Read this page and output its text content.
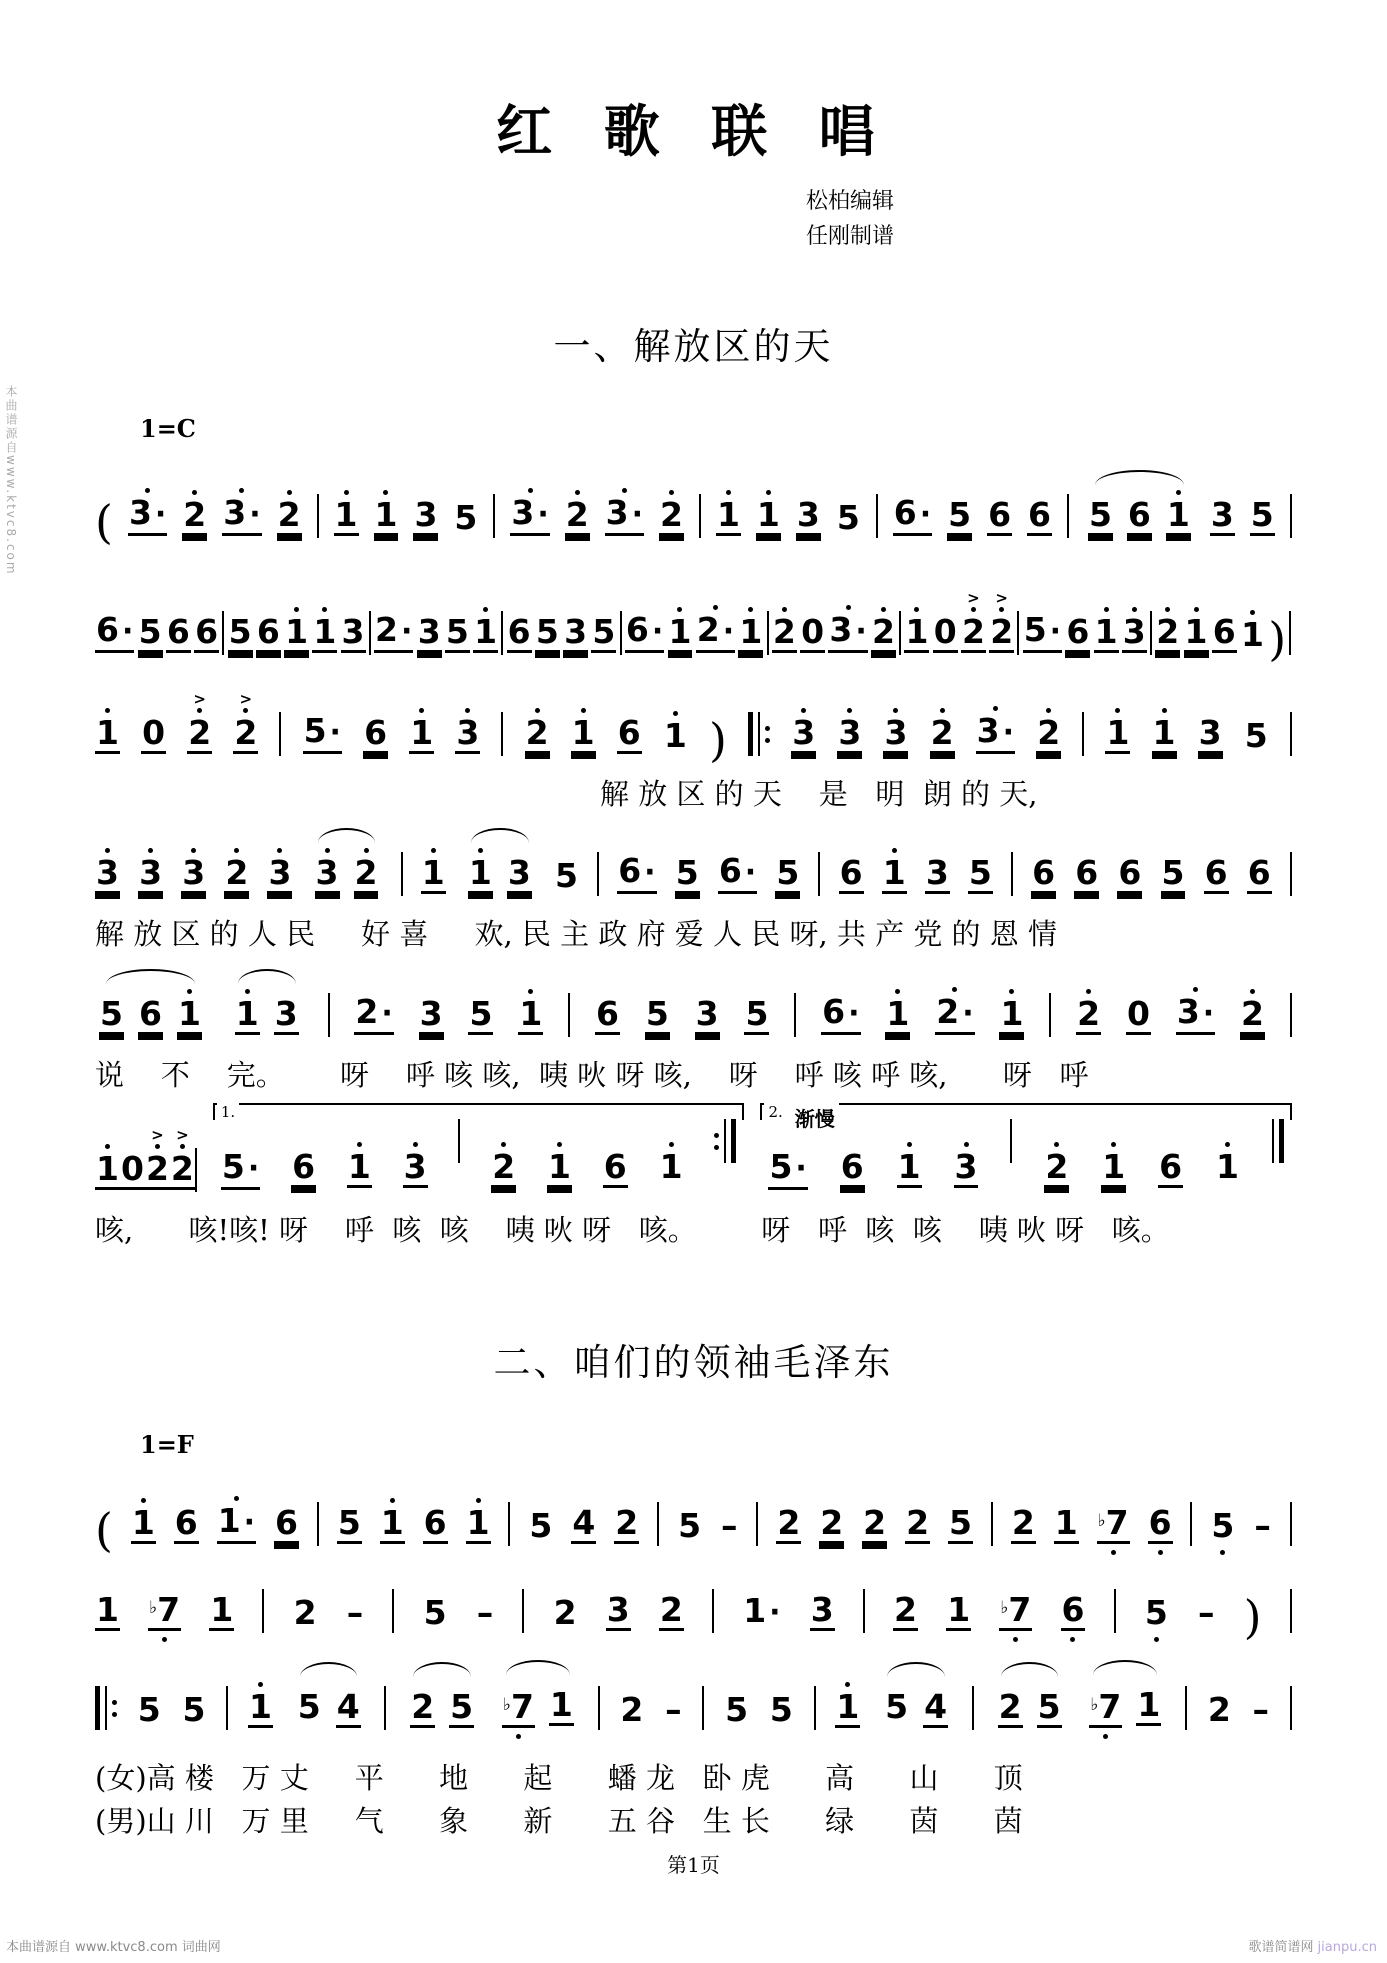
红 歌 联 唱
松柏编辑
任刚制谱
一、解放区的天
1=C
( 3 · 2 3 · 2 1 1 3 5 3 · 2 3 · 2 1 1 3 5 6 · 5 6 6 5 6 1 3 5
6 · 5 6 6 5 6 1 1 3 2 · 3 5 1 6 5 3 5 6 · 1 2 · 1 2 0 3 · 2 1 0
>
2
>
2 5 · 6 1 3 2 1 6 1 )
1 0
>
2
>
2 5 · 6 1 3 2 1 6 1 ) 3 3 3 2 3 · 2 1 1 3 5
解 放 区 的 天    是   明  朗 的 天,
3 3 3 2 3 3 2 1 1 3 5 6 · 5 6 · 5 6 1 3 5 6 6 6 5 6 6
解 放 区 的 人 民     好 喜     欢, 民 主 政 府 爱 人 民 呀, 共 产 党 的 恩 情
5 6 1 1 3 2 · 3 5 1 6 5 3 5 6 · 1 2 · 1 2 0 3 · 2
说    不    完。      呀    呼 咳 咳,  咦 吙 呀 咳,    呀    呼 咳 呼 咳,      呀   呼
1 0
>
2
>
2
1.
5 · 6 1 3 2 1 6 1
2. 渐慢
5 · 6 1 3 2 1 6 1
咳,      咳!咳! 呀    呼  咳  咳    咦 吙 呀   咳。       呀   呼  咳  咳    咦 吙 呀   咳。
二、咱们的领袖毛泽东
1=F
( 1 6 1 · 6 5 1 6 1 5 4 2 5 – 2 2 2 2 5 2 1 ♭7 6 5 –
1 ♭7 1 2 – 5 – 2 3 2 1 · 3 2 1 ♭7 6 5 – )
5 5 1 5 4 2 5 ♭7 1 2 – 5 5 1 5 4 2 5 ♭7 1 2 –
(女)高 楼   万 丈     平      地      起      蟠 龙   卧 虎      高      山      顶
(男)山 川   万 里     气      象      新      五 谷   生 长      绿      茵      茵
第1页
本曲谱源自www.ktvc8.com
本曲谱源自 www.ktvc8.com 词曲网	歌谱简谱网 jianpu.cn
